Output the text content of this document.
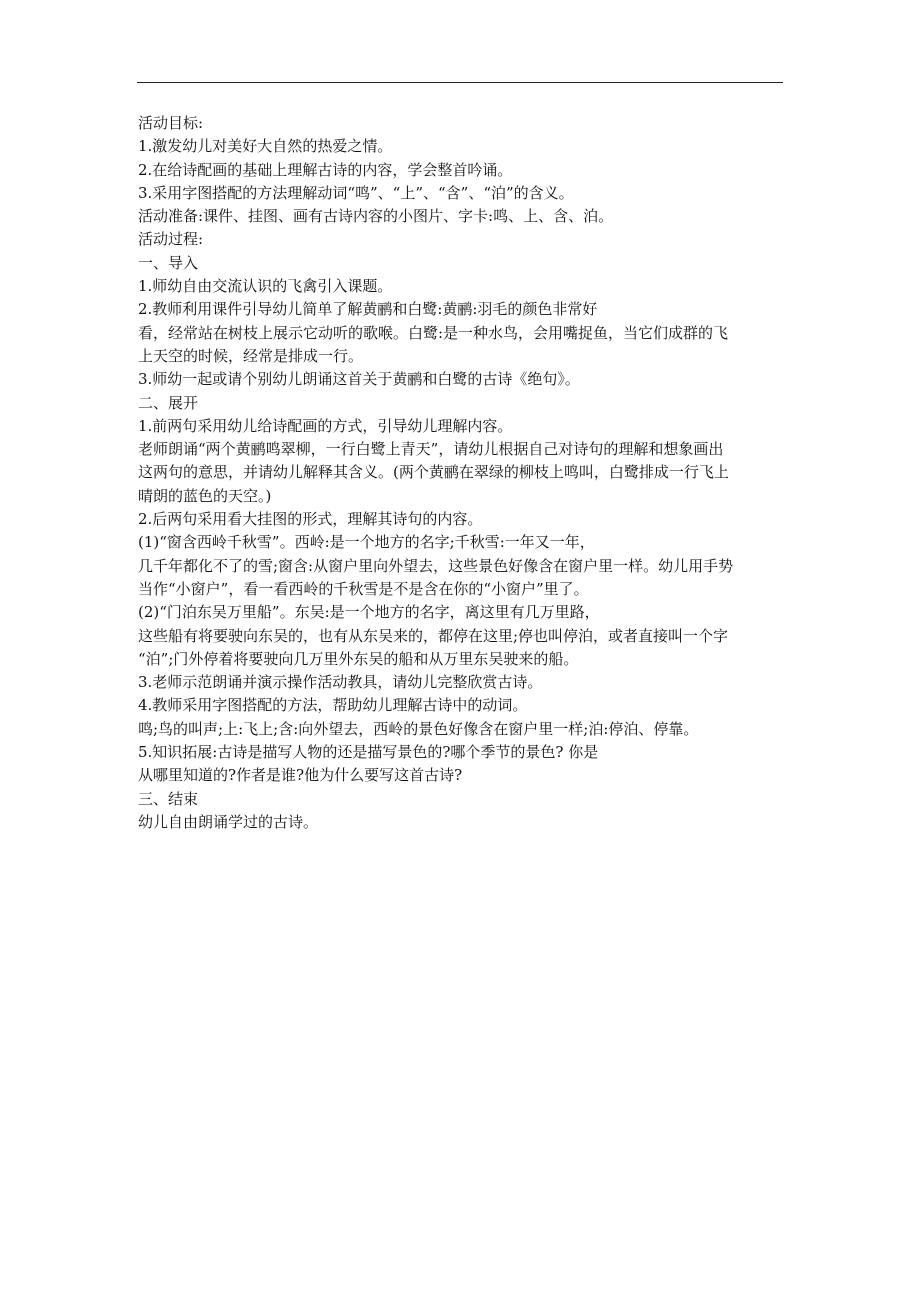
活动目标:
1.激发幼儿对美好大自然的热爱之情。
2.在给诗配画的基础上理解古诗的内容，学会整首吟诵。
3.采用字图搭配的方法理解动词“鸣”、“上”、“含”、“泊”的含义。
活动准备:课件、挂图、画有古诗内容的小图片、字卡:鸣、上、含、泊。
活动过程:
一、导入
1.师幼自由交流认识的飞禽引入课题。
2.教师利用课件引导幼儿简单了解黄鹂和白鹭:黄鹂:羽毛的颜色非常好
看，经常站在树枝上展示它动听的歌喉。白鹭:是一种水鸟，会用嘴捉鱼，当它们成群的飞
上天空的时候，经常是排成一行。
3.师幼一起或请个别幼儿朗诵这首关于黄鹂和白鹭的古诗《绝句》。
二、展开
1.前两句采用幼儿给诗配画的方式，引导幼儿理解内容。
老师朗诵“两个黄鹂鸣翠柳，一行白鹭上青天”，请幼儿根据自己对诗句的理解和想象画出
这两句的意思，并请幼儿解释其含义。(两个黄鹂在翠绿的柳枝上鸣叫，白鹭排成一行飞上
晴朗的蓝色的天空。)
2.后两句采用看大挂图的形式，理解其诗句的内容。
(1)“窗含西岭千秋雪”。西岭:是一个地方的名字;千秋雪:一年又一年，
几千年都化不了的雪;窗含:从窗户里向外望去，这些景色好像含在窗户里一样。幼儿用手势
当作“小窗户”，看一看西岭的千秋雪是不是含在你的“小窗户”里了。
(2)“门泊东吴万里船”。东吴:是一个地方的名字，离这里有几万里路，
这些船有将要驶向东吴的，也有从东吴来的，都停在这里;停也叫停泊，或者直接叫一个字
“泊”;门外停着将要驶向几万里外东吴的船和从万里东吴驶来的船。
3.老师示范朗诵并演示操作活动教具，请幼儿完整欣赏古诗。
4.教师采用字图搭配的方法，帮助幼儿理解古诗中的动词。
鸣;鸟的叫声;上:飞上;含:向外望去，西岭的景色好像含在窗户里一样;泊:停泊、停靠。
5.知识拓展:古诗是描写人物的还是描写景色的?哪个季节的景色? 你是
从哪里知道的?作者是谁?他为什么要写这首古诗?
三、结束
幼儿自由朗诵学过的古诗。
